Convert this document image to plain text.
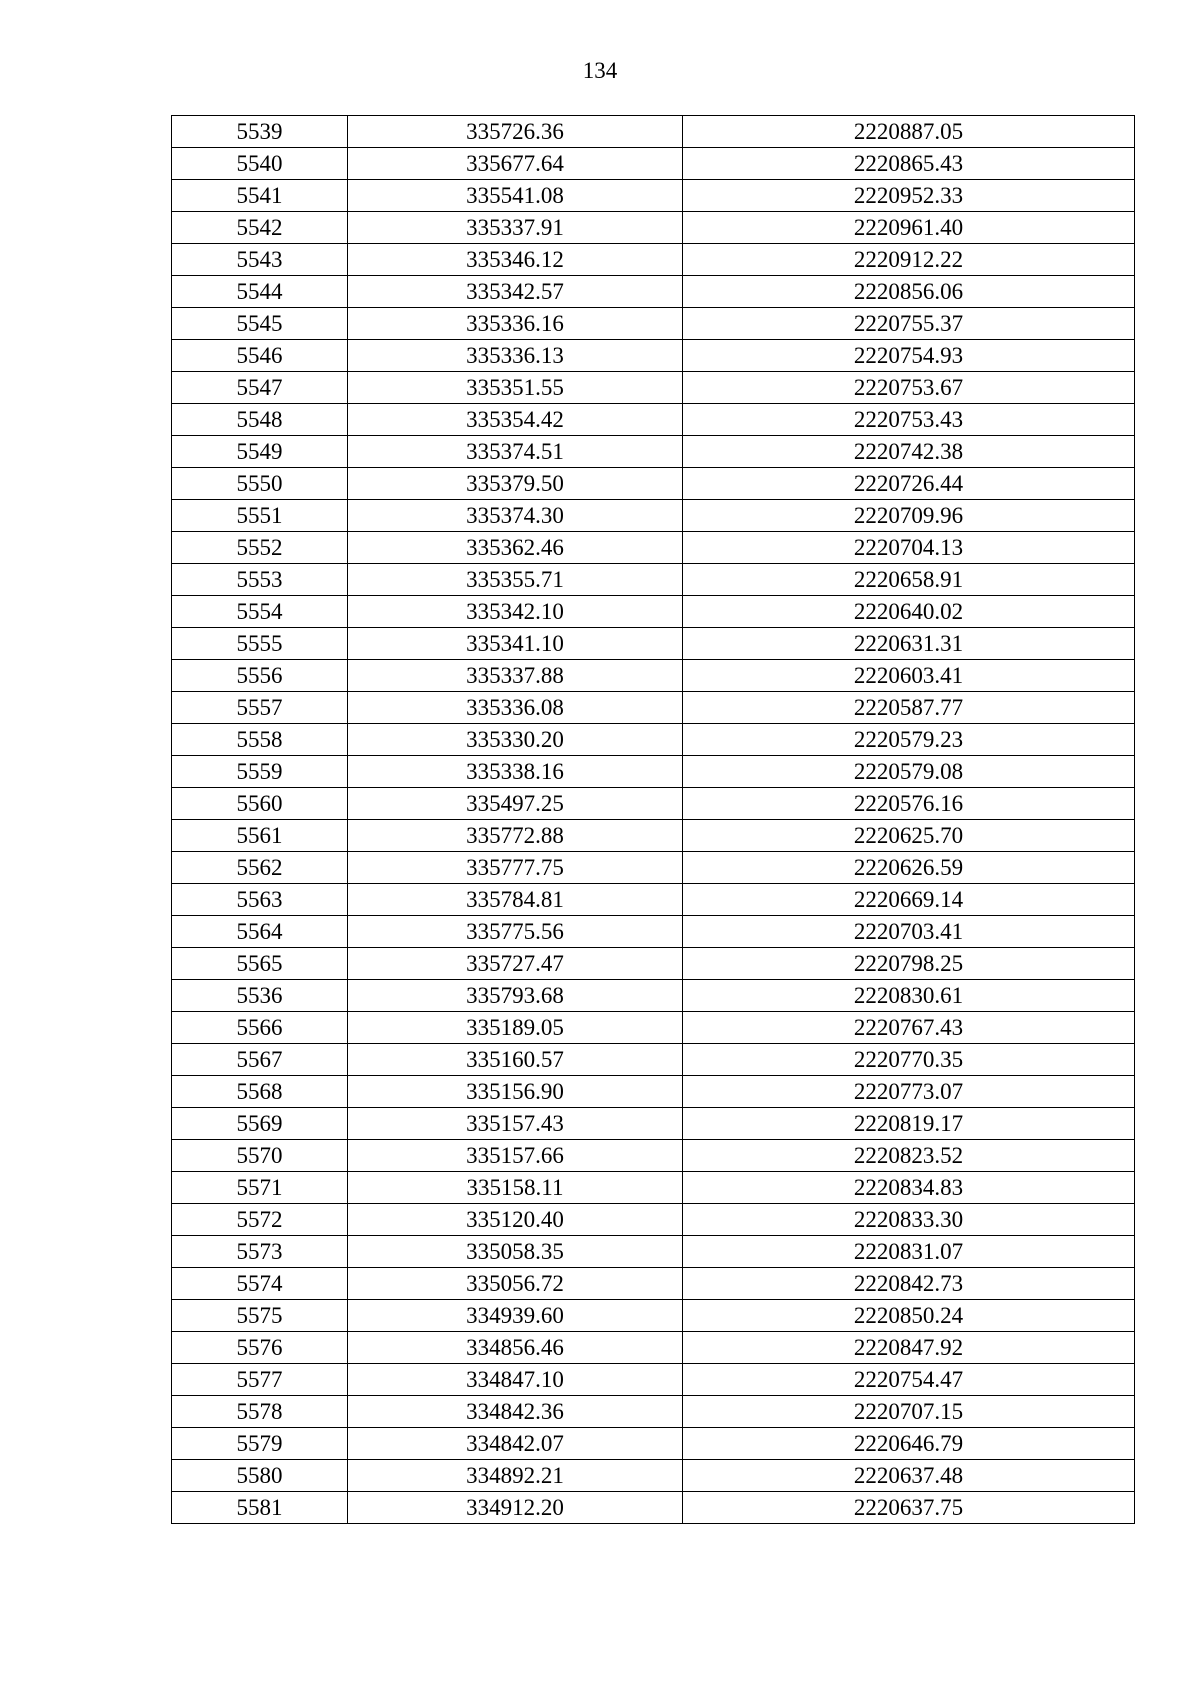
134
5539	335726.36	2220887.05
5540	335677.64	2220865.43
5541	335541.08	2220952.33
5542	335337.91	2220961.40
5543	335346.12	2220912.22
5544	335342.57	2220856.06
5545	335336.16	2220755.37
5546	335336.13	2220754.93
5547	335351.55	2220753.67
5548	335354.42	2220753.43
5549	335374.51	2220742.38
5550	335379.50	2220726.44
5551	335374.30	2220709.96
5552	335362.46	2220704.13
5553	335355.71	2220658.91
5554	335342.10	2220640.02
5555	335341.10	2220631.31
5556	335337.88	2220603.41
5557	335336.08	2220587.77
5558	335330.20	2220579.23
5559	335338.16	2220579.08
5560	335497.25	2220576.16
5561	335772.88	2220625.70
5562	335777.75	2220626.59
5563	335784.81	2220669.14
5564	335775.56	2220703.41
5565	335727.47	2220798.25
5536	335793.68	2220830.61
5566	335189.05	2220767.43
5567	335160.57	2220770.35
5568	335156.90	2220773.07
5569	335157.43	2220819.17
5570	335157.66	2220823.52
5571	335158.11	2220834.83
5572	335120.40	2220833.30
5573	335058.35	2220831.07
5574	335056.72	2220842.73
5575	334939.60	2220850.24
5576	334856.46	2220847.92
5577	334847.10	2220754.47
5578	334842.36	2220707.15
5579	334842.07	2220646.79
5580	334892.21	2220637.48
5581	334912.20	2220637.75
